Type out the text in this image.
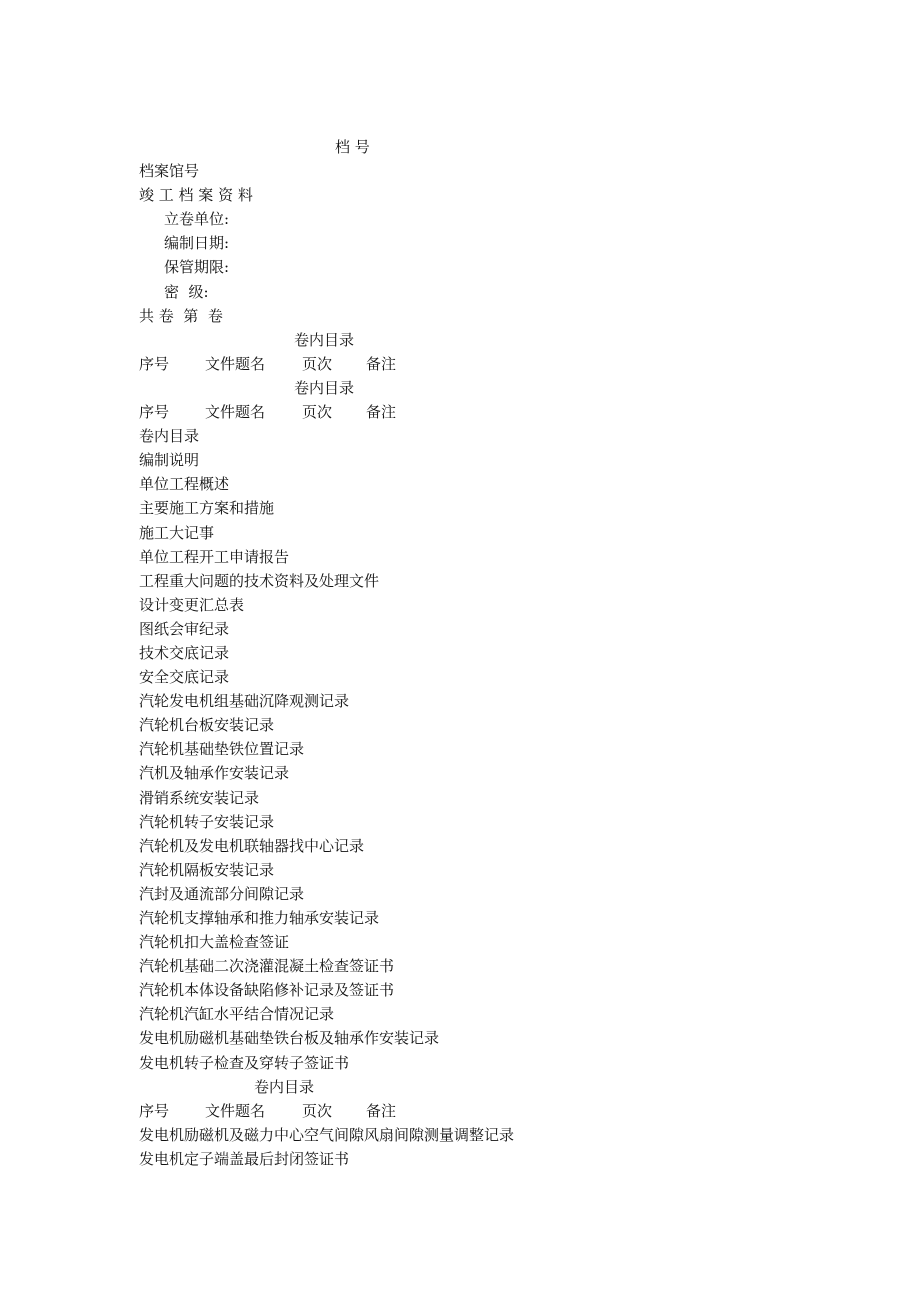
档 号
档案馆号
竣 工 档 案 资 料
立卷单位:
编制日期:
保管期限:
密  级:
共 卷  第  卷
卷内目录
序号	文件题名	页次	备注
卷内目录
序号	文件题名	页次	备注
卷内目录
编制说明
单位工程概述
主要施工方案和措施
施工大记事
单位工程开工申请报告
工程重大问题的技术资料及处理文件
设计变更汇总表
图纸会审纪录
技术交底记录
安全交底记录
汽轮发电机组基础沉降观测记录
汽轮机台板安装记录
汽轮机基础垫铁位置记录
汽机及轴承作安装记录
滑销系统安装记录
汽轮机转子安装记录
汽轮机及发电机联轴器找中心记录
汽轮机隔板安装记录
汽封及通流部分间隙记录
汽轮机支撑轴承和推力轴承安装记录
汽轮机扣大盖检查签证
汽轮机基础二次浇灌混凝土检查签证书
汽轮机本体设备缺陷修补记录及签证书
汽轮机汽缸水平结合情况记录
发电机励磁机基础垫铁台板及轴承作安装记录
发电机转子检查及穿转子签证书
卷内目录
序号	文件题名	页次	备注
发电机励磁机及磁力中心空气间隙风扇间隙测量调整记录
发电机定子端盖最后封闭签证书
